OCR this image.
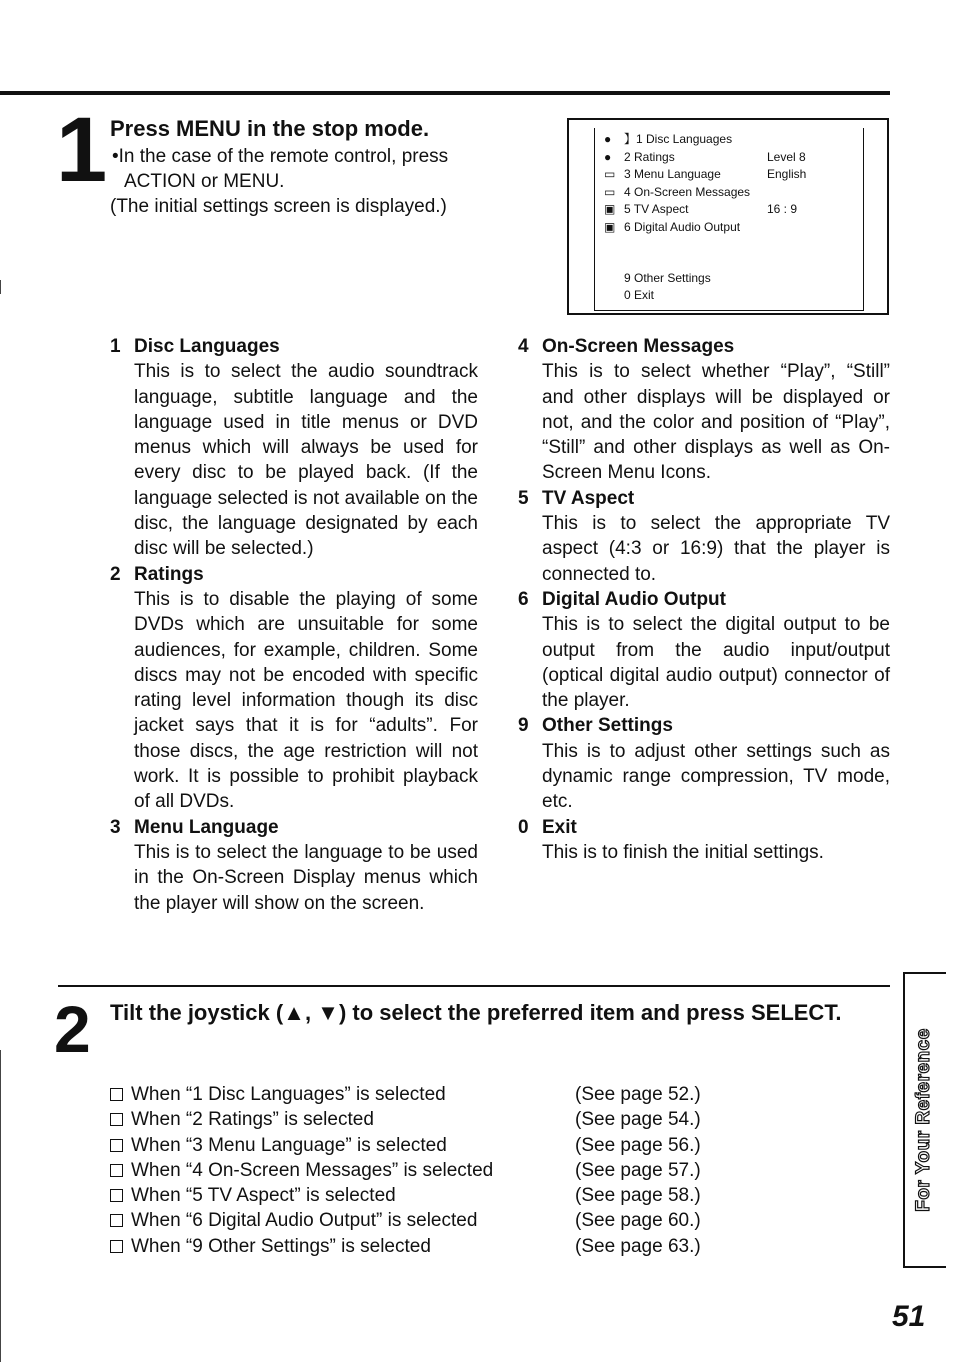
1 Press MENU in the stop mode.
•In the case of the remote control, press
ACTION or MENU.
(The initial settings screen is displayed.)
● 】1 Disc Languages
● 2 Ratings	Level 8
▭ 3 Menu Language	English
▭ 4 On-Screen Messages
▣ 5 TV Aspect	16 : 9
▣ 6 Digital Audio Output
9 Other Settings
0 Exit
1 Disc Languages
This is to select the audio soundtrack language, subtitle language and the language used in title menus or DVD menus which will always be used for every disc to be played back. (If the language selected is not available on the disc, the language designated by each disc will be selected.)
2 Ratings
This is to disable the playing of some DVDs which are unsuitable for some audiences, for example, children. Some discs may not be encoded with specific rating level information though its disc jacket says that it is for “adults”. For those discs, the age restriction will not work. It is possible to prohibit playback of all DVDs.
3 Menu Language
This is to select the language to be used in the On-Screen Display menus which the player will show on the screen.
4 On-Screen Messages
This is to select whether “Play”, “Still” and other displays will be displayed or not, and the color and position of “Play”, “Still” and other displays as well as On-Screen Menu Icons.
5 TV Aspect
This is to select the appropriate TV aspect (4:3 or 16:9) that the player is connected to.
6 Digital Audio Output
This is to select the digital output to be output from the audio input/output (optical digital audio output) connector of the player.
9 Other Settings
This is to adjust other settings such as dynamic range compression, TV mode, etc.
0 Exit
This is to finish the initial settings.
2 Tilt the joystick (▲, ▼) to select the preferred item and press SELECT.
When “1 Disc Languages” is selected	(See page 52.)
When “2 Ratings” is selected	(See page 54.)
When “3 Menu Language” is selected	(See page 56.)
When “4 On-Screen Messages” is selected	(See page 57.)
When “5 TV Aspect” is selected	(See page 58.)
When “6 Digital Audio Output” is selected	(See page 60.)
When “9 Other Settings” is selected	(See page 63.)
For Your Reference
51
